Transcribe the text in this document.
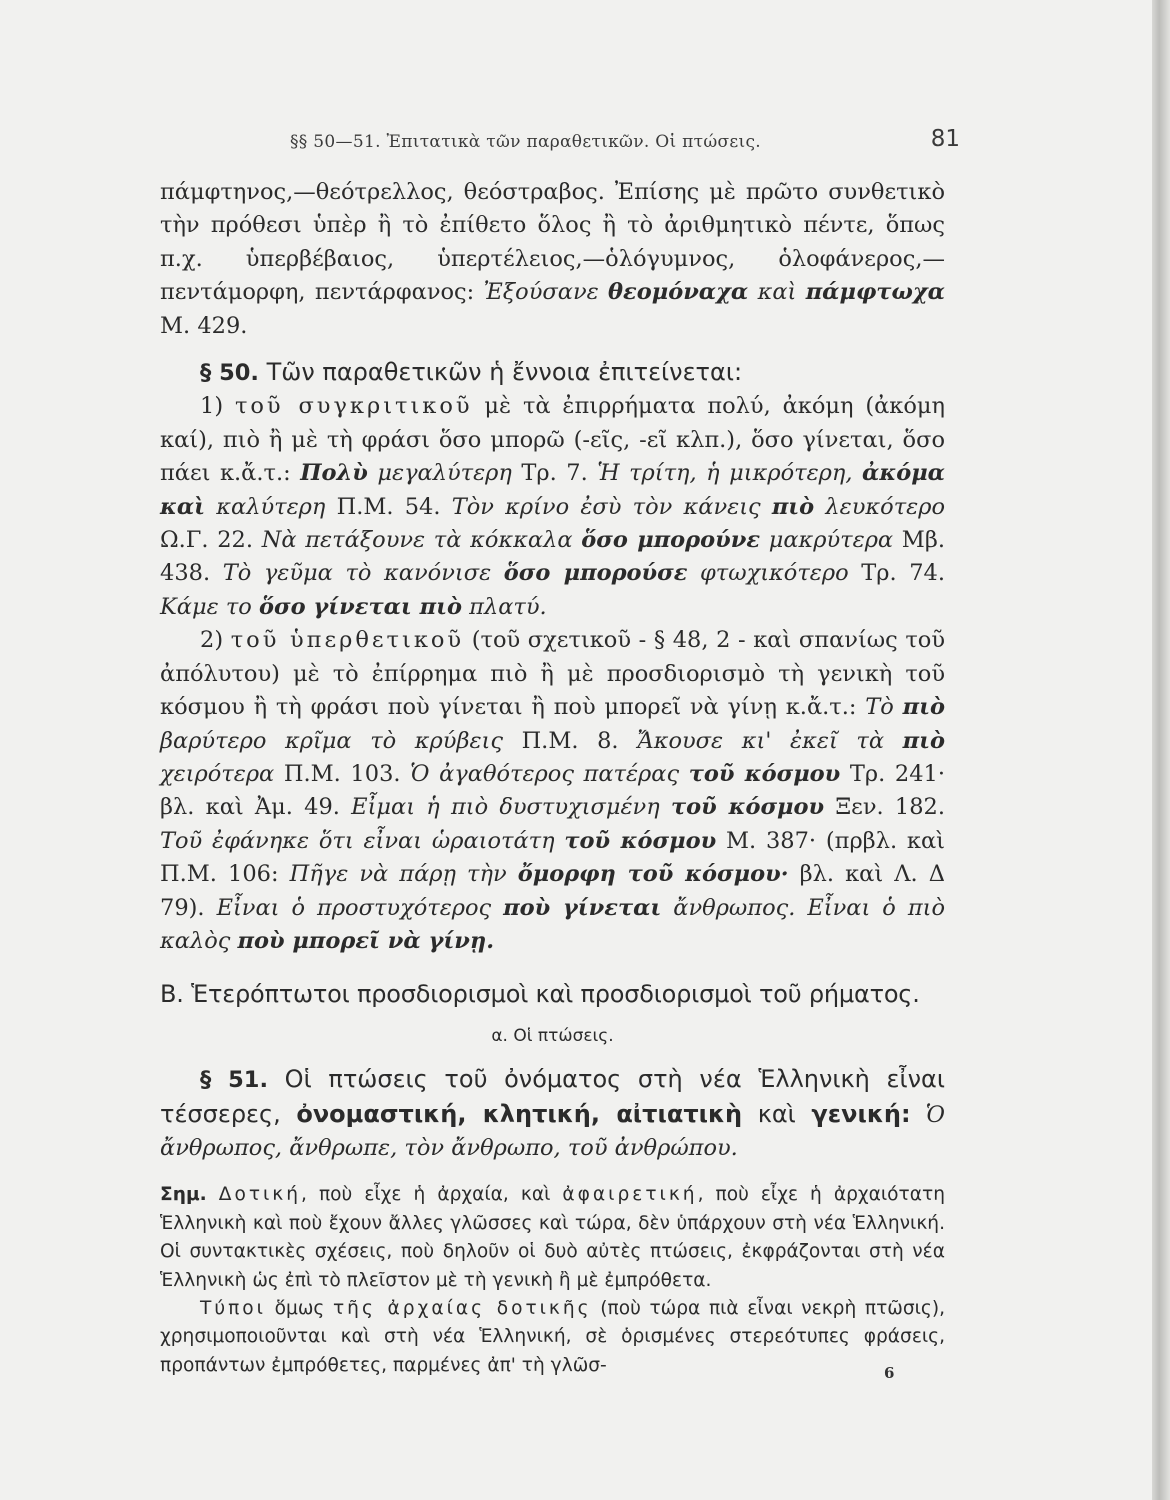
§§ 50—51. Ἐπιτατικὰ τῶν παραθετικῶν. Οἱ πτώσεις.	81

πάμφτηνος,—θεότρελλος, θεόστραβος. Ἐπίσης μὲ πρῶτο συνθετικὸ τὴν πρόθεσι ὑπὲρ ἢ τὸ ἐπίθετο ὅλος ἢ τὸ ἀριθμητικὸ πέντε, ὅπως π.χ. ὑπερβέβαιος, ὑπερτέλειος,—ὁλόγυμνος, ὁλοφάνερος,—πεντάμορφη, πεντάρφανος: Ἐξούσανε θεομόναχα καὶ πάμφτωχα Μ. 429.

§ 50. Τῶν παραθετικῶν ἡ ἔννοια ἐπιτείνεται:

1) τοῦ συγκριτικοῦ μὲ τὰ ἐπιρρήματα πολύ, ἀκόμη (ἀκόμη καί), πιὸ ἢ μὲ τὴ φράσι ὅσο μπορῶ (-εῖς, -εῖ κλπ.), ὅσο γίνεται, ὅσο πάει κ.ἄ.τ.: Πολὺ μεγαλύτερη Τρ. 7. Ἡ τρίτη, ἡ μικρότερη, ἀκόμα καὶ καλύτερη Π.Μ. 54. Τὸν κρίνο ἐσὺ τὸν κάνεις πιὸ λευκότερο Ω.Γ. 22. Νὰ πετάξουνε τὰ κόκκαλα ὅσο μπορούνε μακρύτερα Μβ. 438. Τὸ γεῦμα τὸ κανόνισε ὅσο μπορούσε φτωχικότερο Τρ. 74. Κάμε το ὅσο γίνεται πιὸ πλατύ.

2) τοῦ ὑπερθετικοῦ (τοῦ σχετικοῦ - § 48, 2 - καὶ σπανίως τοῦ ἀπόλυτου) μὲ τὸ ἐπίρρημα πιὸ ἢ μὲ προσδιορισμὸ τὴ γενικὴ τοῦ κόσμου ἢ τὴ φράσι ποὺ γίνεται ἢ ποὺ μπορεῖ νὰ γίνῃ κ.ἄ.τ.: Τὸ πιὸ βαρύτερο κρῖμα τὸ κρύβεις Π.Μ. 8. Ἄκουσε κι' ἐκεῖ τὰ πιὸ χειρότερα Π.Μ. 103. Ὁ ἀγαθότερος πατέρας τοῦ κόσμου Τρ. 241· βλ. καὶ Ἀμ. 49. Εἶμαι ἡ πιὸ δυστυχισμένη τοῦ κόσμου Ξεν. 182. Τοῦ ἐφάνηκε ὅτι εἶναι ὡραιοτάτη τοῦ κόσμου Μ. 387· (πρβλ. καὶ Π.Μ. 106: Πῆγε νὰ πάρῃ τὴν ὄμορφη τοῦ κόσμου· βλ. καὶ Λ. Δ 79). Εἶναι ὁ προστυχότερος ποὺ γίνεται ἄνθρωπος. Εἶναι ὁ πιὸ καλὸς ποὺ μπορεῖ νὰ γίνῃ.

Β. Ἑτερόπτωτοι προσδιορισμοὶ καὶ προσδιορισμοὶ τοῦ ρήματος.
α. Οἱ πτώσεις.

§ 51. Οἱ πτώσεις τοῦ ὀνόματος στὴ νέα Ἑλληνικὴ εἶναι τέσσερες, ὀνομαστική, κλητική, αἰτιατικὴ καὶ γενική: Ὁ ἄνθρωπος, ἄνθρωπε, τὸν ἄνθρωπο, τοῦ ἀνθρώπου.

Σημ. Δοτική, ποὺ εἶχε ἡ ἀρχαία, καὶ ἀφαιρετική, ποὺ εἶχε ἡ ἀρχαιότατη Ἑλληνικὴ καὶ ποὺ ἔχουν ἄλλες γλῶσσες καὶ τώρα, δὲν ὑπάρχουν στὴ νέα Ἑλληνική. Οἱ συντακτικὲς σχέσεις, ποὺ δηλοῦν οἱ δυὸ αὐτὲς πτώσεις, ἐκφράζονται στὴ νέα Ἑλληνικὴ ὡς ἐπὶ τὸ πλεῖστον μὲ τὴ γενικὴ ἢ μὲ ἐμπρόθετα.

Τύποι ὅμως τῆς ἀρχαίας δοτικῆς (ποὺ τώρα πιὰ εἶναι νεκρὴ πτῶσις), χρησιμοποιοῦνται καὶ στὴ νέα Ἑλληνική, σὲ ὁρισμένες στερεότυπες φράσεις, προπάντων ἐμπρόθετες, παρμένες ἀπ' τὴ γλῶσ-	6
